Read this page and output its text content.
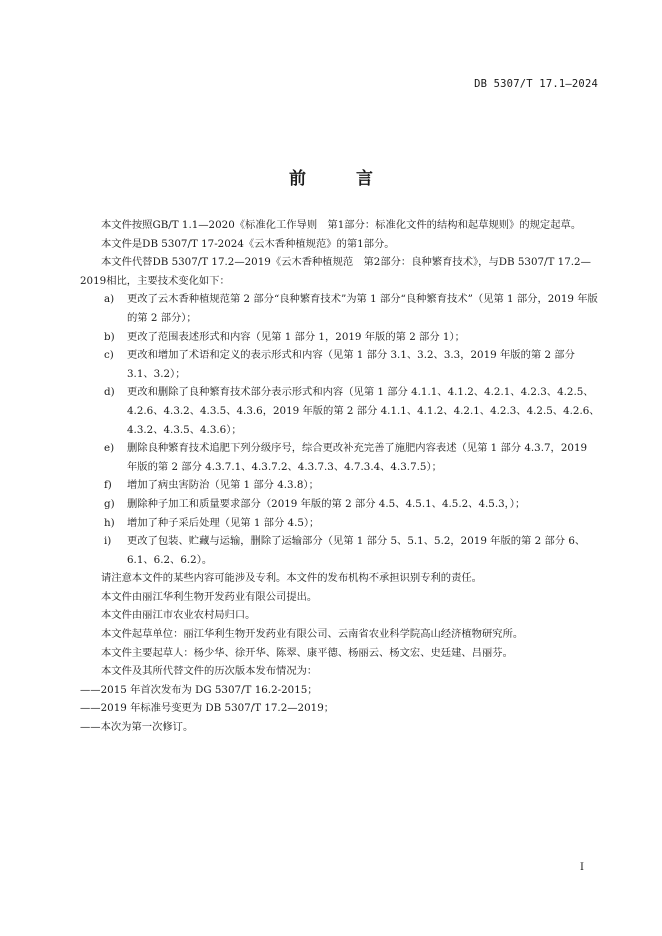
DB 5307/T 17.1—2024
前 言

本文件按照GB/T 1.1—2020《标准化工作导则　第1部分：标准化文件的结构和起草规则》的规定起草。

本文件是DB 5307/T 17-2024《云木香种植规范》的第1部分。

本文件代替DB 5307/T 17.2—2019《云木香种植规范　第2部分：良种繁育技术》，与DB 5307/T 17.2—2019相比，主要技术变化如下：

a) 更改了云木香种植规范第 2 部分“良种繁育技术”为第 1 部分“良种繁育技术”（见第 1 部分，2019 年版的第 2 部分）；
b) 更改了范围表述形式和内容（见第 1 部分 1，2019 年版的第 2 部分 1）；
c) 更改和增加了术语和定义的表示形式和内容（见第 1 部分 3.1、3.2、3.3，2019 年版的第 2 部分 3.1、3.2）；
d) 更改和删除了良种繁育技术部分表示形式和内容（见第 1 部分 4.1.1、4.1.2、4.2.1、4.2.3、4.2.5、4.2.6、4.3.2、4.3.5、4.3.6，2019 年版的第 2 部分 4.1.1、4.1.2、4.2.1、4.2.3、4.2.5、4.2.6、4.3.2、4.3.5、4.3.6）；
e) 删除良种繁育技术追肥下列分级序号，综合更改补充完善了施肥内容表述（见第 1 部分 4.3.7，2019 年版的第 2 部分 4.3.7.1、4.3.7.2、4.3.7.3、4.7.3.4、4.3.7.5）；
f) 增加了病虫害防治（见第 1 部分 4.3.8）；
g) 删除种子加工和质量要求部分（2019 年版的第 2 部分 4.5、4.5.1、4.5.2、4.5.3，）；
h) 增加了种子采后处理（见第 1 部分 4.5）；
i) 更改了包装、贮藏与运输，删除了运输部分（见第 1 部分 5、5.1、5.2，2019 年版的第 2 部分 6、6.1、6.2、6.2）。

请注意本文件的某些内容可能涉及专利。本文件的发布机构不承担识别专利的责任。

本文件由丽江华利生物开发药业有限公司提出。

本文件由丽江市农业农村局归口。

本文件起草单位：丽江华利生物开发药业有限公司、云南省农业科学院高山经济植物研究所。

本文件主要起草人：杨少华、徐开华、陈翠、康平德、杨丽云、杨文宏、史廷建、吕丽芬。

本文件及其所代替文件的历次版本发布情况为：

——2015 年首次发布为 DG 5307/T 16.2-2015；

——2019 年标准号变更为 DB 5307/T 17.2—2019；

——本次为第一次修订。

I
